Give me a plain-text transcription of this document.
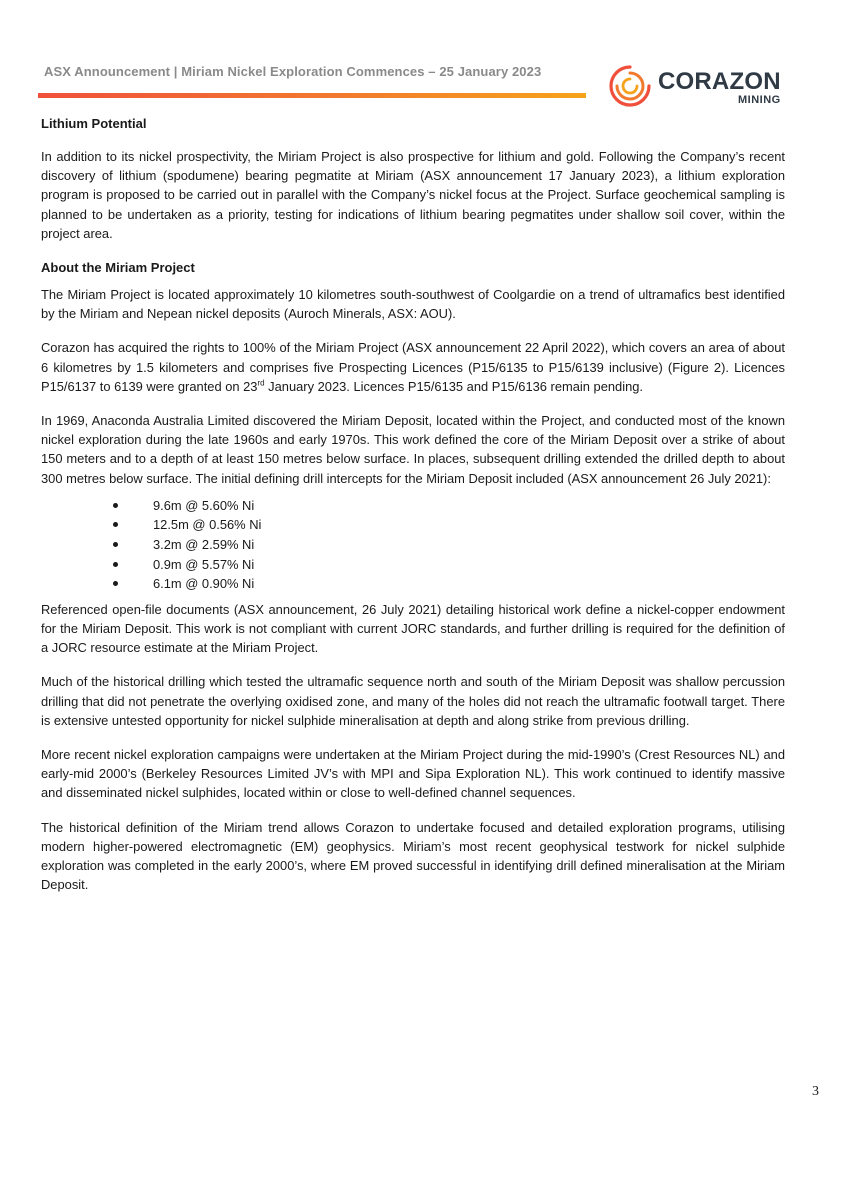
ASX Announcement | Miriam Nickel Exploration Commences – 25 January 2023	CORAZON
MINING
Lithium Potential

In addition to its nickel prospectivity, the Miriam Project is also prospective for lithium and gold. Following the Company’s recent discovery of lithium (spodumene) bearing pegmatite at Miriam (ASX announcement 17 January 2023), a lithium exploration program is proposed to be carried out in parallel with the Company’s nickel focus at the Project. Surface geochemical sampling is planned to be undertaken as a priority, testing for indications of lithium bearing pegmatites under shallow soil cover, within the project area.

About the Miriam Project

The Miriam Project is located approximately 10 kilometres south-southwest of Coolgardie on a trend of ultramafics best identified by the Miriam and Nepean nickel deposits (Auroch Minerals, ASX: AOU).

Corazon has acquired the rights to 100% of the Miriam Project (ASX announcement 22 April 2022), which covers an area of about 6 kilometres by 1.5 kilometers and comprises five Prospecting Licences (P15/6135 to P15/6139 inclusive) (Figure 2). Licences P15/6137 to 6139 were granted on 23rd January 2023. Licences P15/6135 and P15/6136 remain pending.

In 1969, Anaconda Australia Limited discovered the Miriam Deposit, located within the Project, and conducted most of the known nickel exploration during the late 1960s and early 1970s. This work defined the core of the Miriam Deposit over a strike of about 150 meters and to a depth of at least 150 metres below surface. In places, subsequent drilling extended the drilled depth to about 300 metres below surface. The initial defining drill intercepts for the Miriam Deposit included (ASX announcement 26 July 2021):

9.6m @ 5.60% Ni
12.5m @ 0.56% Ni
3.2m @ 2.59% Ni
0.9m @ 5.57% Ni
6.1m @ 0.90% Ni

Referenced open-file documents (ASX announcement, 26 July 2021) detailing historical work define a nickel-copper endowment for the Miriam Deposit. This work is not compliant with current JORC standards, and further drilling is required for the definition of a JORC resource estimate at the Miriam Project.

Much of the historical drilling which tested the ultramafic sequence north and south of the Miriam Deposit was shallow percussion drilling that did not penetrate the overlying oxidised zone, and many of the holes did not reach the ultramafic footwall target. There is extensive untested opportunity for nickel sulphide mineralisation at depth and along strike from previous drilling.

More recent nickel exploration campaigns were undertaken at the Miriam Project during the mid-1990’s (Crest Resources NL) and early-mid 2000’s (Berkeley Resources Limited JV’s with MPI and Sipa Exploration NL). This work continued to identify massive and disseminated nickel sulphides, located within or close to well-defined channel sequences.

The historical definition of the Miriam trend allows Corazon to undertake focused and detailed exploration programs, utilising modern higher-powered electromagnetic (EM) geophysics. Miriam’s most recent geophysical testwork for nickel sulphide exploration was completed in the early 2000’s, where EM proved successful in identifying drill defined mineralisation at the Miriam Deposit.

3
